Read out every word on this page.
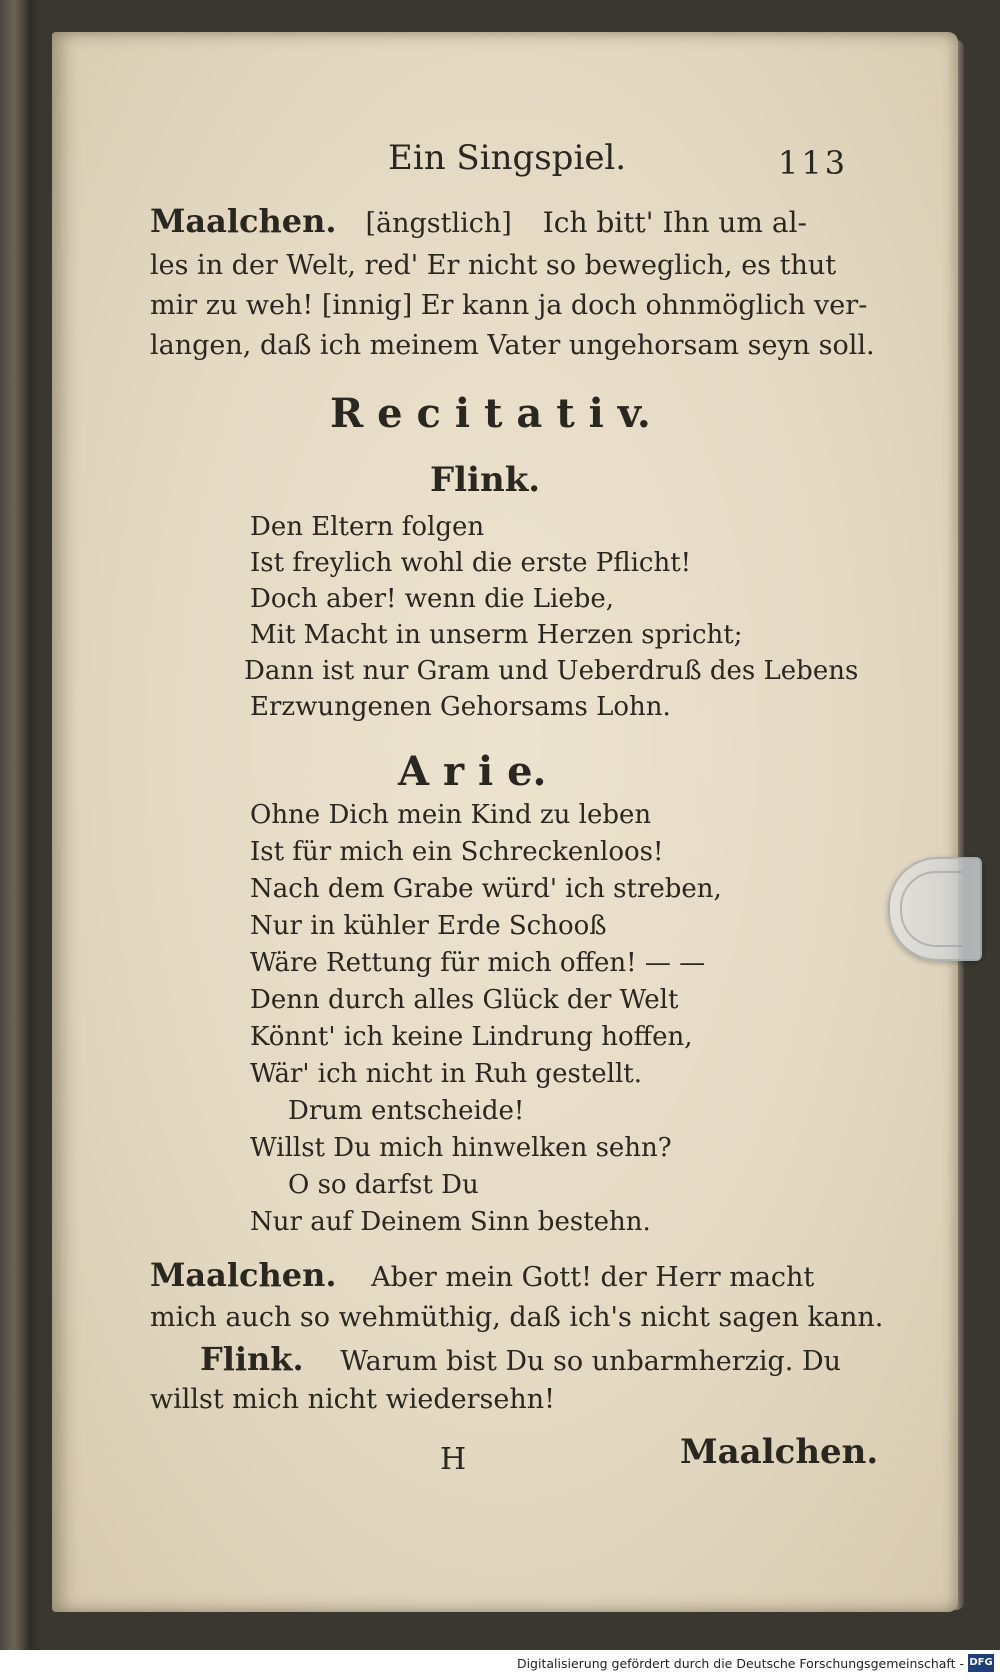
Ein Singspiel.	113
Maalchen. [ängstlich] Ich bitt' Ihn um al-
les in der Welt, red' Er nicht so beweglich, es thut
mir zu weh! [innig] Er kann ja doch ohnmöglich ver-
langen, daß ich meinem Vater ungehorsam seyn soll.
R e c i t a t i v.
Flink.
Den Eltern folgen
Ist freylich wohl die erste Pflicht!
Doch aber! wenn die Liebe,
Mit Macht in unserm Herzen spricht;
Dann ist nur Gram und Ueberdruß des Lebens
Erzwungenen Gehorsams Lohn.
A r i e.
Ohne Dich mein Kind zu leben
Ist für mich ein Schreckenloos!
Nach dem Grabe würd' ich streben,
Nur in kühler Erde Schooß
Wäre Rettung für mich offen! — —
Denn durch alles Glück der Welt
Könnt' ich keine Lindrung hoffen,
Wär' ich nicht in Ruh gestellt.
Drum entscheide!
Willst Du mich hinwelken sehn?
O so darfst Du
Nur auf Deinem Sinn bestehn.
Maalchen. Aber mein Gott! der Herr macht
mich auch so wehmüthig, daß ich's nicht sagen kann.
Flink. Warum bist Du so unbarmherzig. Du
willst mich nicht wiedersehn!
H	Maalchen.
Digitalisierung gefördert durch die Deutsche Forschungsgemeinschaft - DFG
